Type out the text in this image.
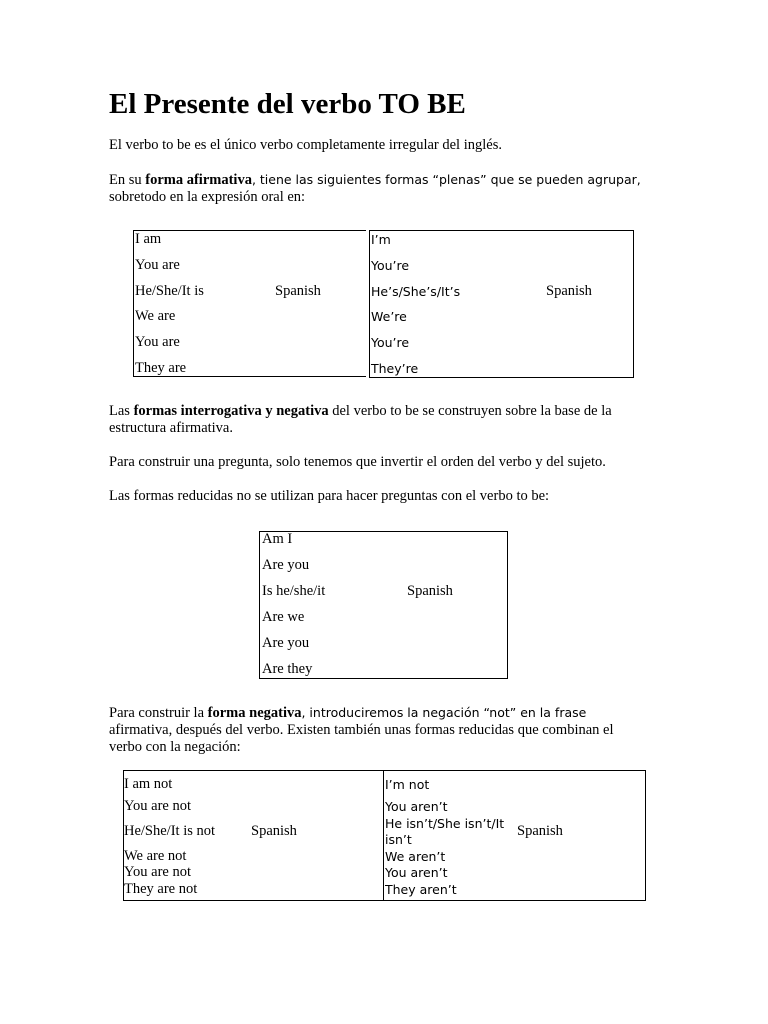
El Presente del verbo TO BE
El verbo to be es el único verbo completamente irregular del inglés.
En su forma afirmativa, tiene las siguientes formas “plenas” que se pueden agrupar,
sobretodo en la expresión oral en:
I am
You are
He/She/It is
We are
You are
They are
Spanish
I’m
You’re
He’s/She’s/It’s
We’re
You’re
They’re
Spanish
Las formas interrogativa y negativa del verbo to be se construyen sobre la base de la
estructura afirmativa.
Para construir una pregunta, solo tenemos que invertir el orden del verbo y del sujeto.
Las formas reducidas no se utilizan para hacer preguntas con el verbo to be:
Am I
Are you
Is he/she/it
Are we
Are you
Are they
Spanish
Para construir la forma negativa, introduciremos la negación “not” en la frase
afirmativa, después del verbo. Existen también unas formas reducidas que combinan el
verbo con la negación:
I am not
You are not
He/She/It is not
We are not
You are not
They are not
Spanish
I’m not
You aren’t
He isn’t/She isn’t/It
isn’t
We aren’t
You aren’t
They aren’t
Spanish
